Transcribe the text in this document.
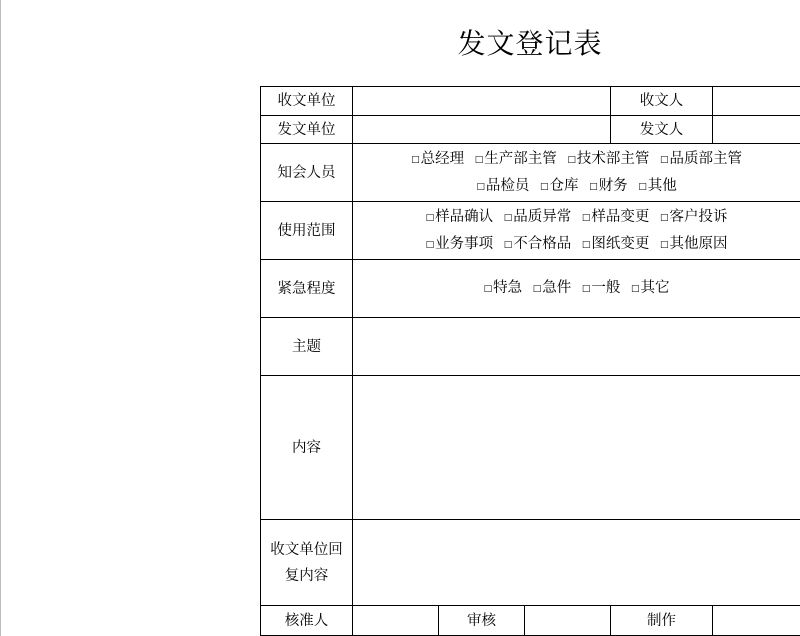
发文登记表
收文单位				收文人	
发文单位				发文人	
知会人员	□总经理 □生产部主管 □技术部主管 □品质部主管
□品检员 □仓库 □财务 □其他				

使用范围	□样品确认 □品质异常 □样品变更 □客户投诉
□业务事项 □不合格品 □图纸变更 □其他原因				

紧急程度	□特急 □急件 □一般 □其它				

主题					
内容					

收文单位回
复内容					

核准人		审核		制作	
